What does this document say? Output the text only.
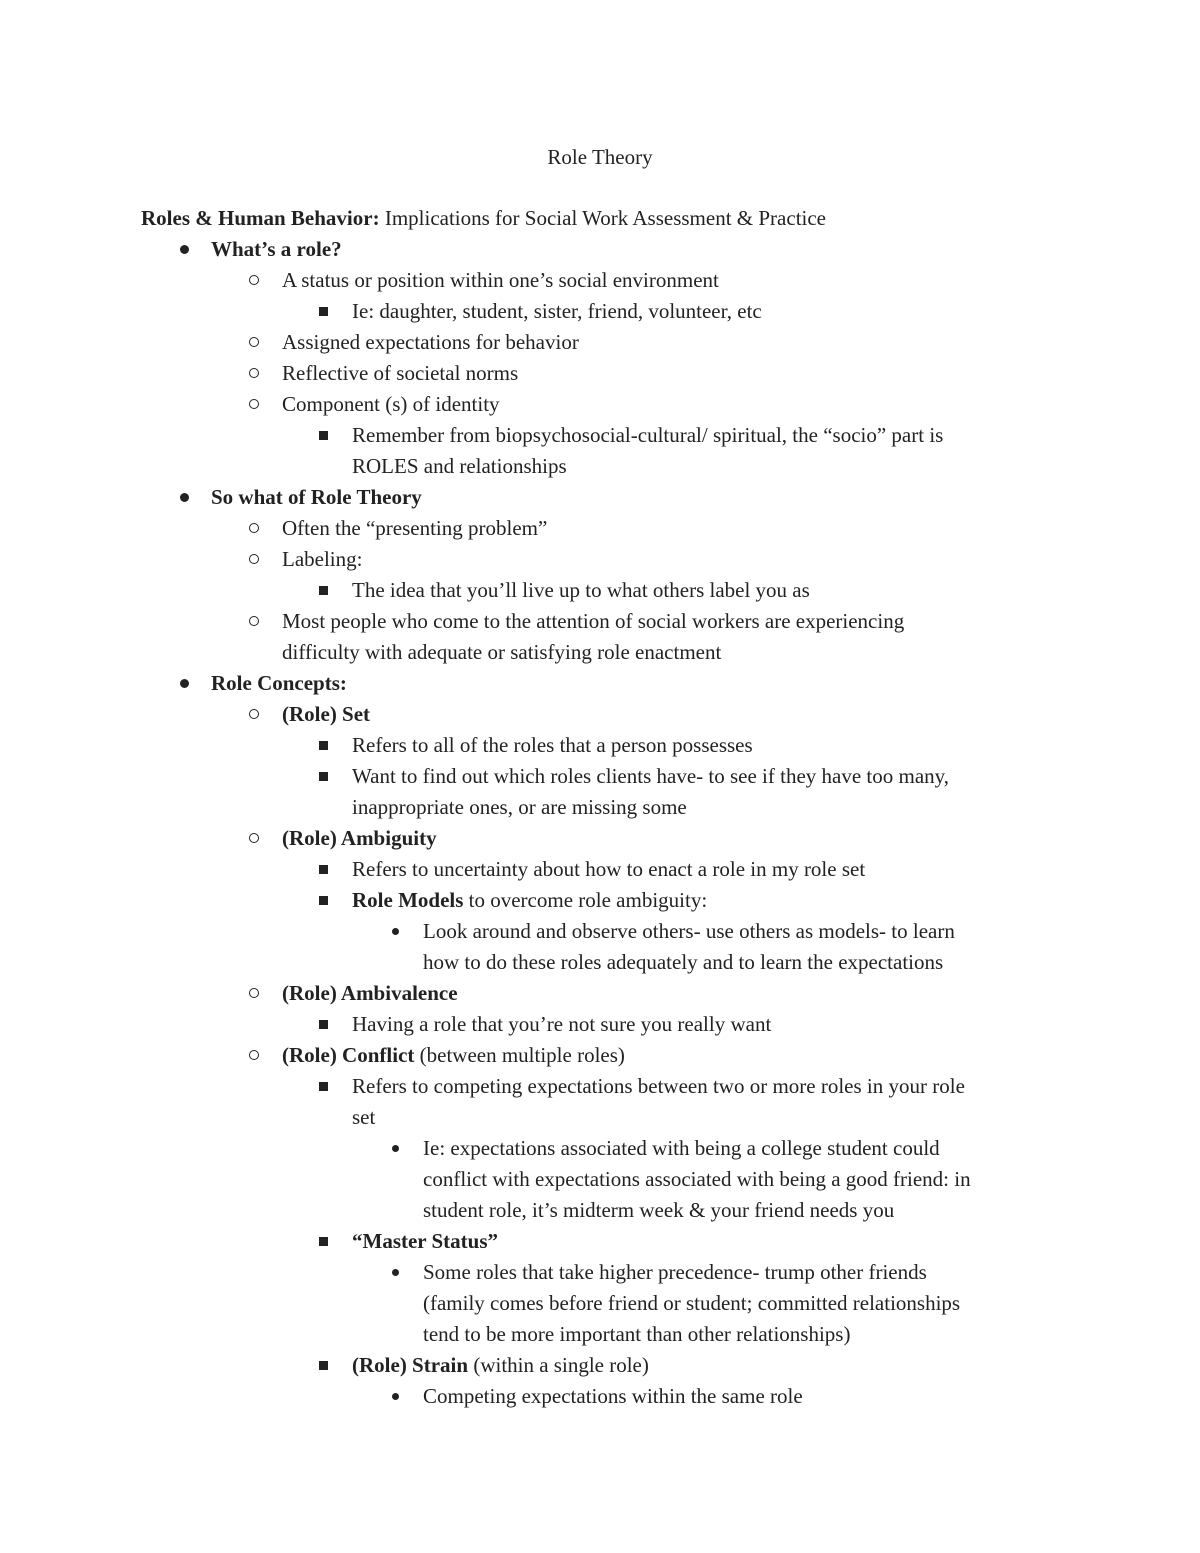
Role Theory
Roles & Human Behavior: Implications for Social Work Assessment & Practice
What’s a role?
A status or position within one’s social environment
Ie: daughter, student, sister, friend, volunteer, etc
Assigned expectations for behavior
Reflective of societal norms
Component (s) of identity
Remember from biopsychosocial-cultural/ spiritual, the “socio” part is
ROLES and relationships
So what of Role Theory
Often the “presenting problem”
Labeling:
The idea that you’ll live up to what others label you as
Most people who come to the attention of social workers are experiencing
difficulty with adequate or satisfying role enactment
Role Concepts:
(Role) Set
Refers to all of the roles that a person possesses
Want to find out which roles clients have- to see if they have too many,
inappropriate ones, or are missing some
(Role) Ambiguity
Refers to uncertainty about how to enact a role in my role set
Role Models to overcome role ambiguity:
Look around and observe others- use others as models- to learn
how to do these roles adequately and to learn the expectations
(Role) Ambivalence
Having a role that you’re not sure you really want
(Role) Conflict (between multiple roles)
Refers to competing expectations between two or more roles in your role
set
Ie: expectations associated with being a college student could
conflict with expectations associated with being a good friend: in
student role, it’s midterm week & your friend needs you
“Master Status”
Some roles that take higher precedence- trump other friends
(family comes before friend or student; committed relationships
tend to be more important than other relationships)
(Role) Strain (within a single role)
Competing expectations within the same role
